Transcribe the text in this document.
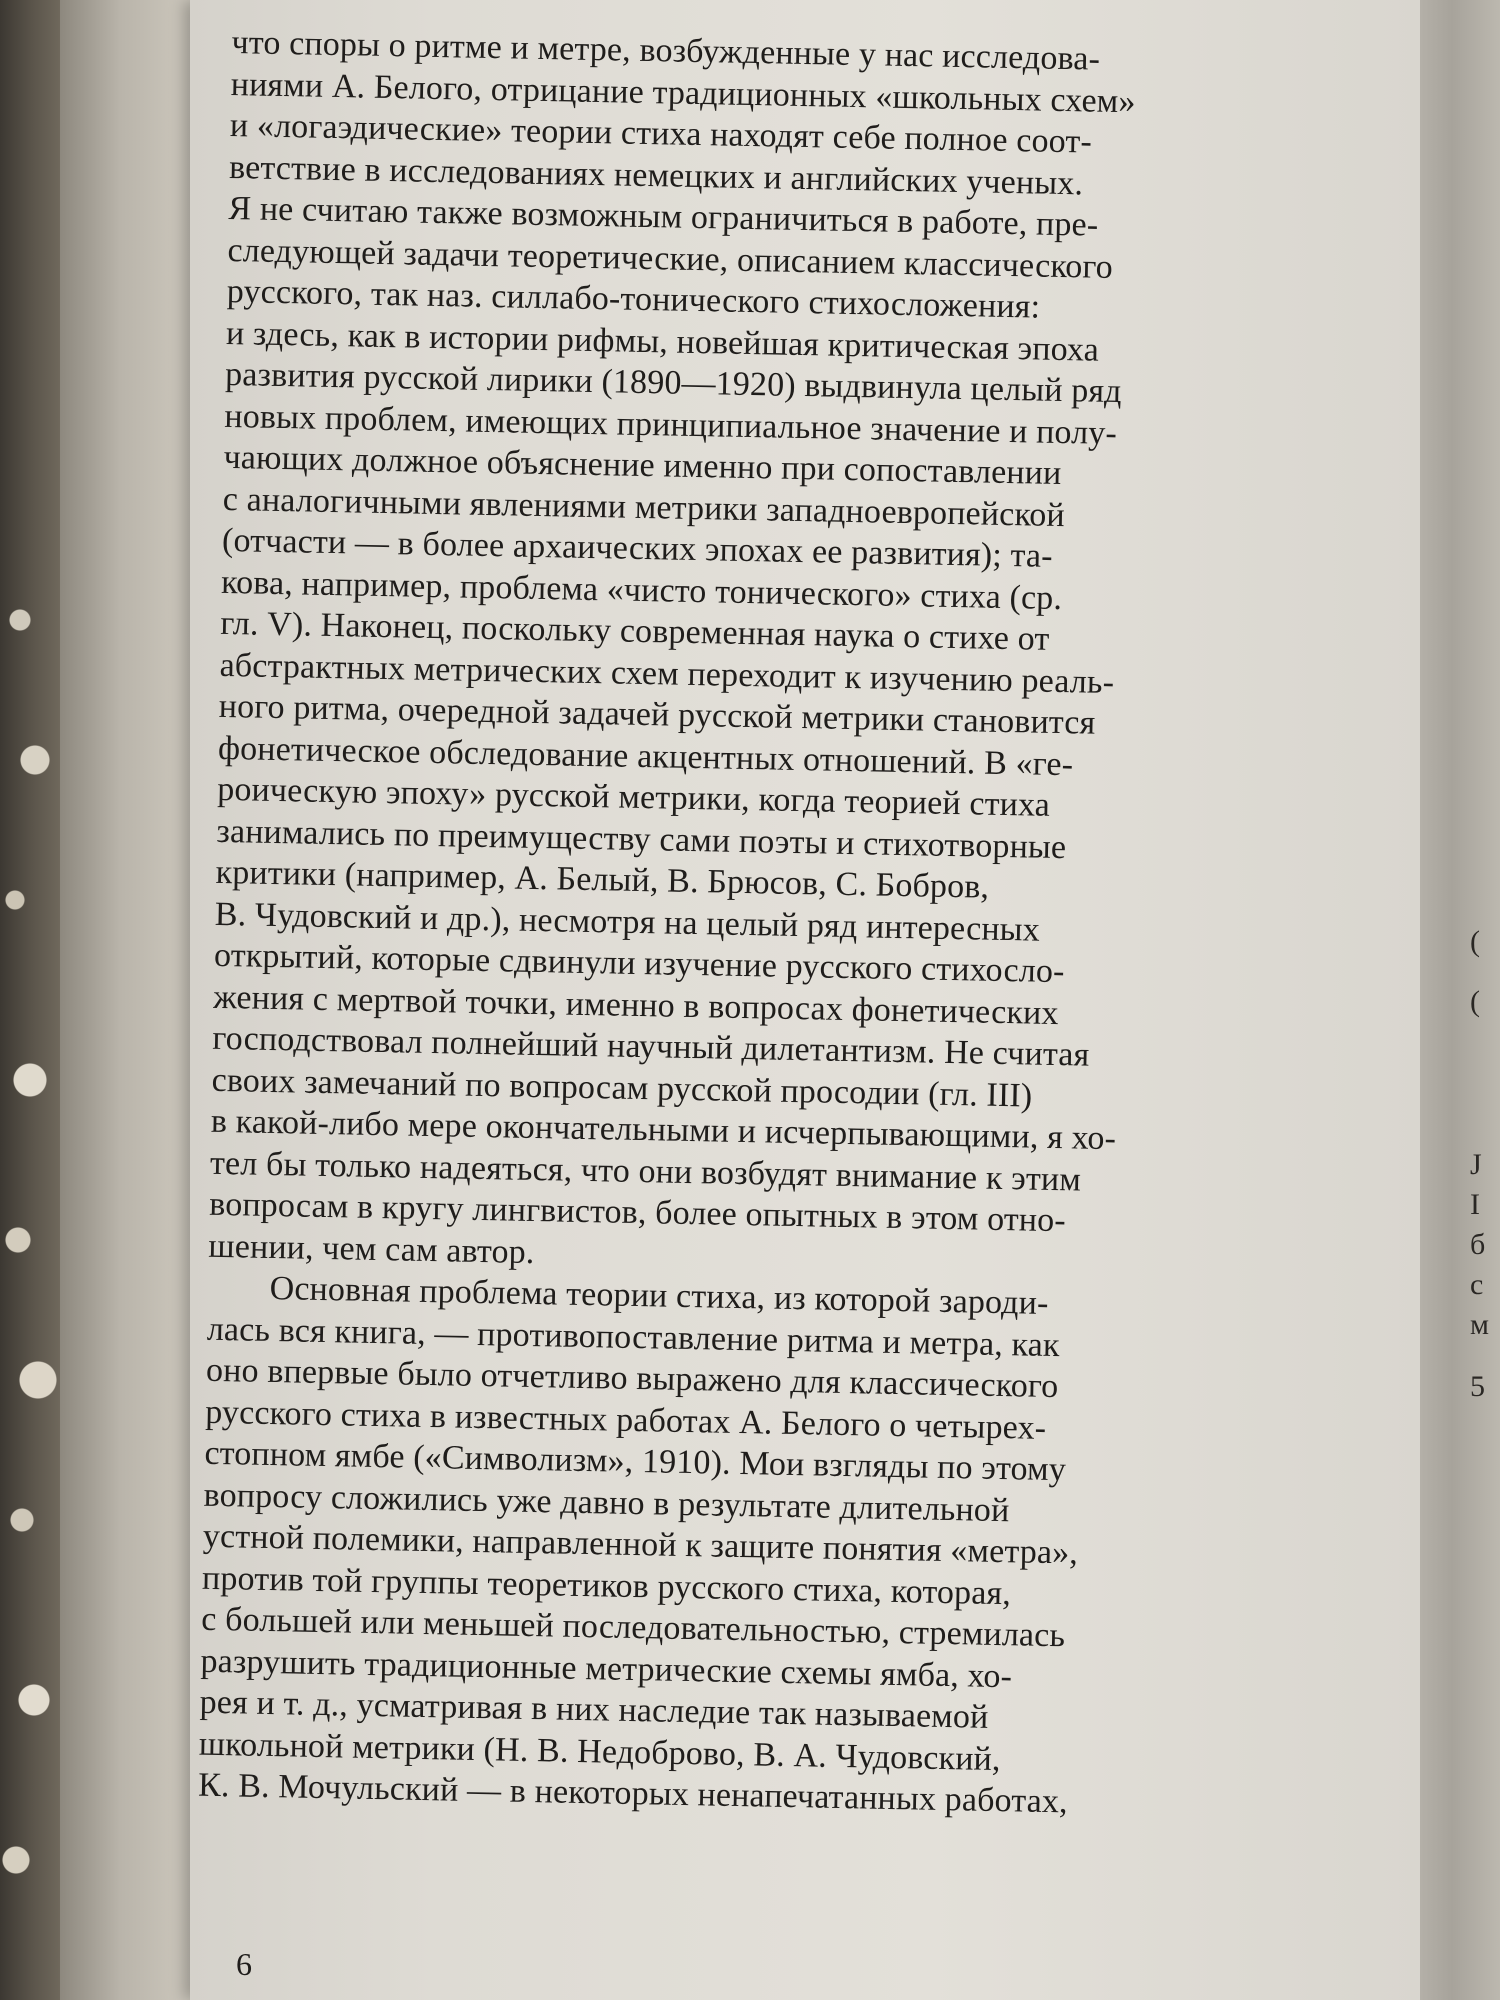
что споры о ритме и метре, возбужденные у нас исследова-
ниями А. Белого, отрицание традиционных «школьных схем»
и «логаэдические» теории стиха находят себе полное соот-
ветствие в исследованиях немецких и английских ученых.
Я не считаю также возможным ограничиться в работе, пре-
следующей задачи теоретические, описанием классического
русского, так наз. силлабо-тонического стихосложения:
и здесь, как в истории рифмы, новейшая критическая эпоха
развития русской лирики (1890—1920) выдвинула целый ряд
новых проблем, имеющих принципиальное значение и полу-
чающих должное объяснение именно при сопоставлении
с аналогичными явлениями метрики западноевропейской
(отчасти — в более архаических эпохах ее развития); та-
кова, например, проблема «чисто тонического» стиха (ср.
гл. V). Наконец, поскольку современная наука о стихе от
абстрактных метрических схем переходит к изучению реаль-
ного ритма, очередной задачей русской метрики становится
фонетическое обследование акцентных отношений. В «ге-
роическую эпоху» русской метрики, когда теорией стиха
занимались по преимуществу сами поэты и стихотворные
критики (например, А. Белый, В. Брюсов, С. Бобров,
В. Чудовский и др.), несмотря на целый ряд интересных
открытий, которые сдвинули изучение русского стихосло-
жения с мертвой точки, именно в вопросах фонетических
господствовал полнейший научный дилетантизм. Не считая
своих замечаний по вопросам русской просодии (гл. III)
в какой-либо мере окончательными и исчерпывающими, я хо-
тел бы только надеяться, что они возбудят внимание к этим
вопросам в кругу лингвистов, более опытных в этом отно-
шении, чем сам автор.
Основная проблема теории стиха, из которой зароди-
лась вся книга, — противопоставление ритма и метра, как
оно впервые было отчетливо выражено для классического
русского стиха в известных работах А. Белого о четырех-
стопном ямбе («Символизм», 1910). Мои взгляды по этому
вопросу сложились уже давно в результате длительной
устной полемики, направленной к защите понятия «метра»,
против той группы теоретиков русского стиха, которая,
с большей или меньшей последовательностью, стремилась
разрушить традиционные метрические схемы ямба, хо-
рея и т. д., усматривая в них наследие так называемой
школьной метрики (Н. В. Недоброво, В. А. Чудовский,
К. В. Мочульский — в некоторых ненапечатанных работах,
6
(
(
J
I
б
с
м
5
